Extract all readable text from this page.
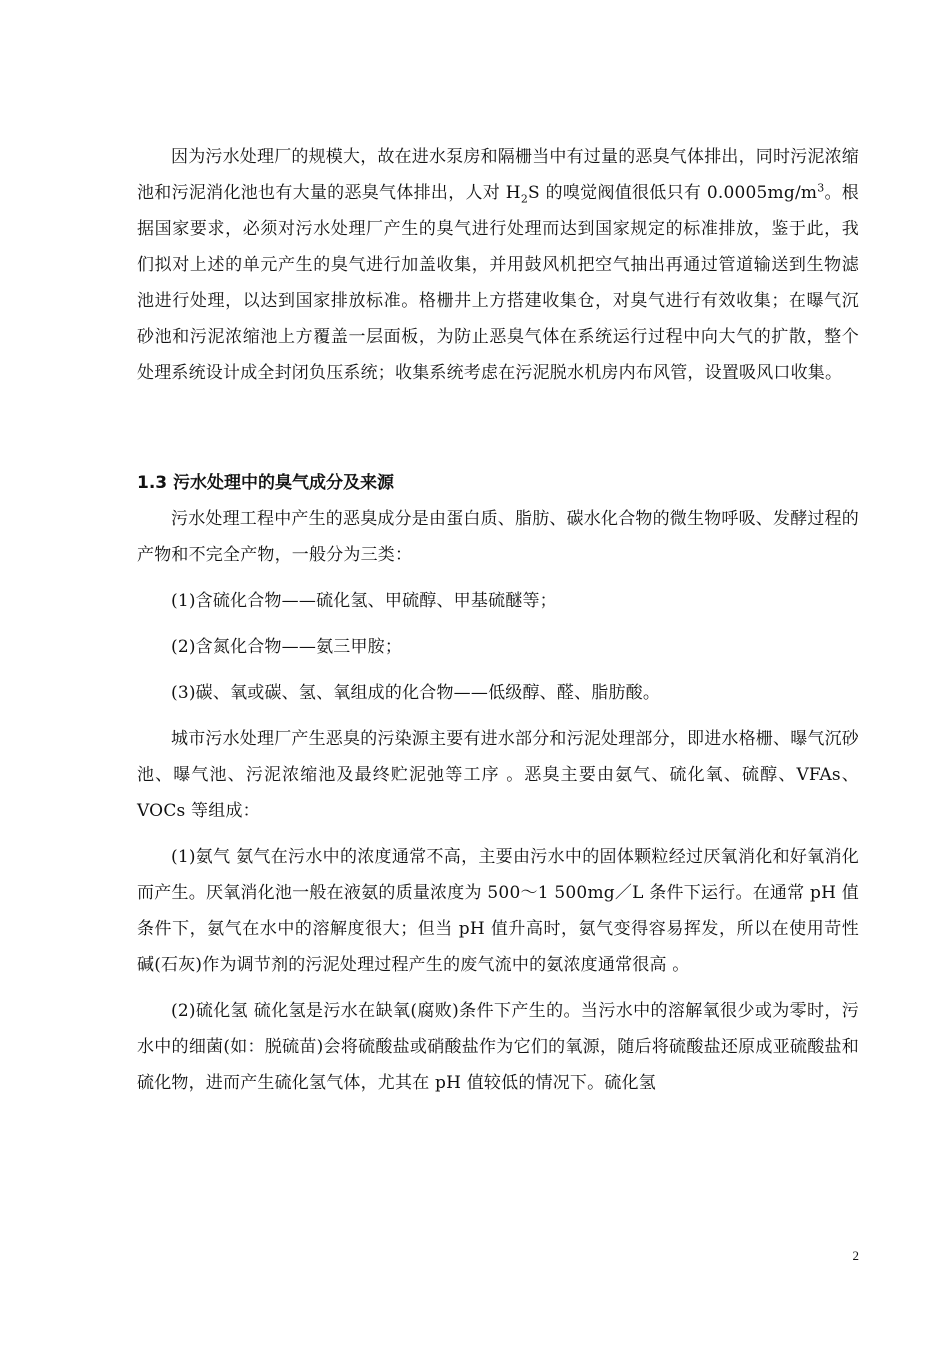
因为污水处理厂的规模大，故在进水泵房和隔栅当中有过量的恶臭气体排出，同时污泥浓缩池和污泥消化池也有大量的恶臭气体排出，人对 $H_2S$ 的嗅觉阀值很低只有 $0.0005mg/m^3$。根据国家要求，必须对污水处理厂产生的臭气进行处理而达到国家规定的标准排放，鉴于此，我们拟对上述的单元产生的臭气进行加盖收集，并用鼓风机把空气抽出再通过管道输送到生物滤池进行处理，以达到国家排放标准。格栅井上方搭建收集仓，对臭气进行有效收集；在曝气沉砂池和污泥浓缩池上方覆盖一层面板，为防止恶臭气体在系统运行过程中向大气的扩散，整个处理系统设计成全封闭负压系统；收集系统考虑在污泥脱水机房内布风管，设置吸风口收集。

1.3 污水处理中的臭气成分及来源

污水处理工程中产生的恶臭成分是由蛋白质、脂肪、碳水化合物的微生物呼吸、发酵过程的产物和不完全产物，一般分为三类：

(1)含硫化合物——硫化氢、甲硫醇、甲基硫醚等；

(2)含氮化合物——氨三甲胺；

(3)碳、氧或碳、氢、氧组成的化合物——低级醇、醛、脂肪酸。

城市污水处理厂产生恶臭的污染源主要有进水部分和污泥处理部分，即进水格栅、曝气沉砂池、曝气池、污泥浓缩池及最终贮泥弛等工序 。恶臭主要由氨气、硫化氧、硫醇、VFAs、VOCs 等组成：

(1)氨气 氨气在污水中的浓度通常不高，主要由污水中的固体颗粒经过厌氧消化和好氧消化而产生。厌氧消化池一般在液氨的质量浓度为 500～1 500mg／L 条件下运行。在通常 pH 值条件下，氨气在水中的溶解度很大；但当 pH 值升高时，氨气变得容易挥发，所以在使用苛性碱(石灰)作为调节剂的污泥处理过程产生的废气流中的氨浓度通常很高 。

(2)硫化氢 硫化氢是污水在缺氧(腐败)条件下产生的。当污水中的溶解氧很少或为零时，污水中的细菌(如：脱硫苗)会将硫酸盐或硝酸盐作为它们的氧源，随后将硫酸盐还原成亚硫酸盐和硫化物，进而产生硫化氢气体，尤其在 pH 值较低的情况下。硫化氢

2
